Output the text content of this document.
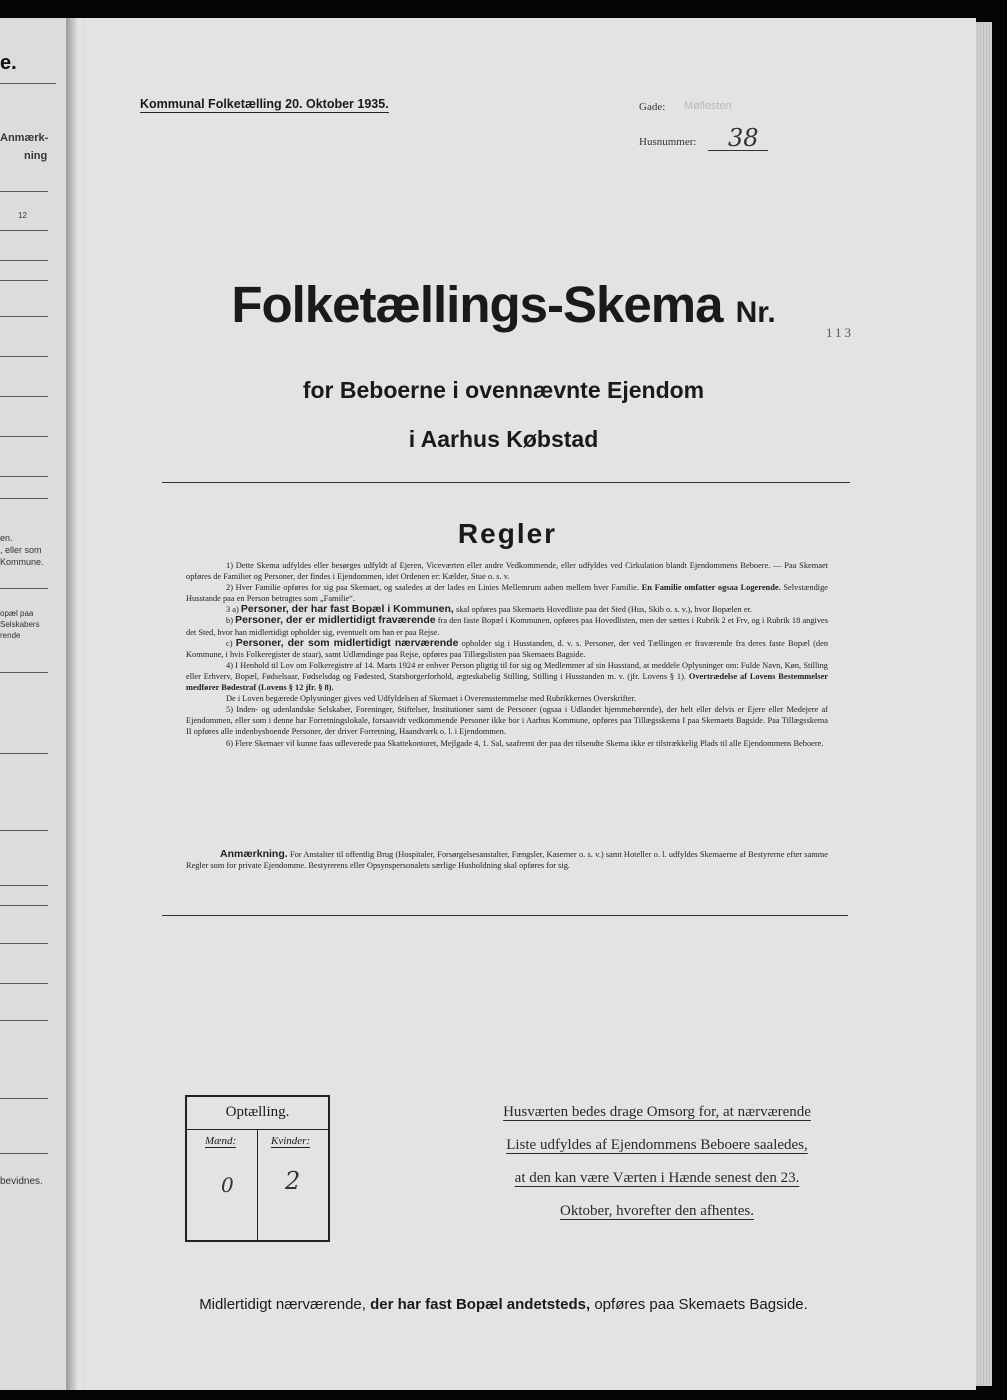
e.
Anmærk-
ning
12
en.
, eller som
Kommune.
opæl paa
Selskabers
rende
bevidnes.
Kommunal Folketælling 20. Oktober 1935.	Gade: Møllesten
Husnummer: 38
Folketællings-Skema Nr.
113
for Beboerne i ovennævnte Ejendom
i Aarhus Købstad
Regler

1) Dette Skema udfyldes eller besørges udfyldt af Ejeren, Viceværten eller andre Vedkommende, eller udfyldes ved Cirkulation blandt Ejendommens Beboere. — Paa Skemaet opføres de Familier og Personer, der findes i Ejendommen, idet Ordenen er: Kælder, Stue o. s. v.

2) Hver Familie opføres for sig paa Skemaet, og saaledes at der lades en Linies Mellemrum aaben mellem hver Familie. En Familie omfatter ogsaa Logerende. Selvstændige Husstande paa en Person betragtes som „Familie“.

3 a) Personer, der har fast Bopæl i Kommunen, skal opføres paa Skemaets Hovedliste paa det Sted (Hus, Skib o. s. v.), hvor Bopælen er.

b) Personer, der er midlertidigt fraværende fra den faste Bopæl i Kommunen, opføres paa Hovedlisten, men der sættes i Rubrik 2 et Frv, og i Rubrik 18 angives det Sted, hvor han midlertidigt opholder sig, eventuelt om han er paa Rejse.

c) Personer, der som midlertidigt nærværende opholder sig i Husstanden, d. v. s. Personer, der ved Tællingen er fraværende fra deres faste Bopæl (den Kommune, i hvis Folkeregister de staar), samt Udlændinge paa Rejse, opføres paa Tillægslisten paa Skemaets Bagside.

4) I Henhold til Lov om Folkeregistre af 14. Marts 1924 er enhver Person pligtig til for sig og Medlemmer af sin Husstand, at meddele Oplysninger om: Fulde Navn, Køn, Stilling eller Erhverv, Bopæl, Fødselsaar, Fødselsdag og Fødested, Statsborgerforhold, ægteskabelig Stilling, Stilling i Husstanden m. v. (jfr. Lovens § 1). Overtrædelse af Lovens Bestemmelser medfører Bødestraf (Lovens § 12 jfr. § 8).

De i Loven begærede Oplysninger gives ved Udfyldelsen af Skemaet i Overensstemmelse med Rubrikkernes Overskrifter.

5) Inden- og udenlandske Selskaber, Foreninger, Stiftelser, Institutioner samt de Personer (ogsaa i Udlandet hjemmehørende), der helt eller delvis er Ejere eller Medejere af Ejendommen, eller som i denne har Forretningslokale, forsaavidt vedkommende Personer ikke bor i Aarhus Kommune, opføres paa Tillægsskema I paa Skemaets Bagside. Paa Tillægsskema II opføres alle indenbysboende Personer, der driver Forretning, Haandværk o. l. i Ejendommen.

6) Flere Skemaer vil kunne faas udleverede paa Skattekontoret, Mejlgade 4, 1. Sal, saafremt der paa det tilsendte Skema ikke er tilstrækkelig Plads til alle Ejendommens Beboere.

Anmærkning. For Anstalter til offentlig Brug (Hospitaler, Forsørgelsesanstalter, Fængsler, Kaserner o. s. v.) samt Hoteller o. l. udfyldes Skemaerne af Bestyrerne efter samme Regler som for private Ejendomme. Bestyrerens eller Opsynspersonalets særlige Husholdning skal opføres for sig.

Optælling.
Mænd:	Kvinder:
0 2
Husværten bedes drage Omsorg for, at nærværende
Liste udfyldes af Ejendommens Beboere saaledes,
at den kan være Værten i Hænde senest den 23.
Oktober, hvorefter den afhentes.
Midlertidigt nærværende, der har fast Bopæl andetsteds, opføres paa Skemaets Bagside.
